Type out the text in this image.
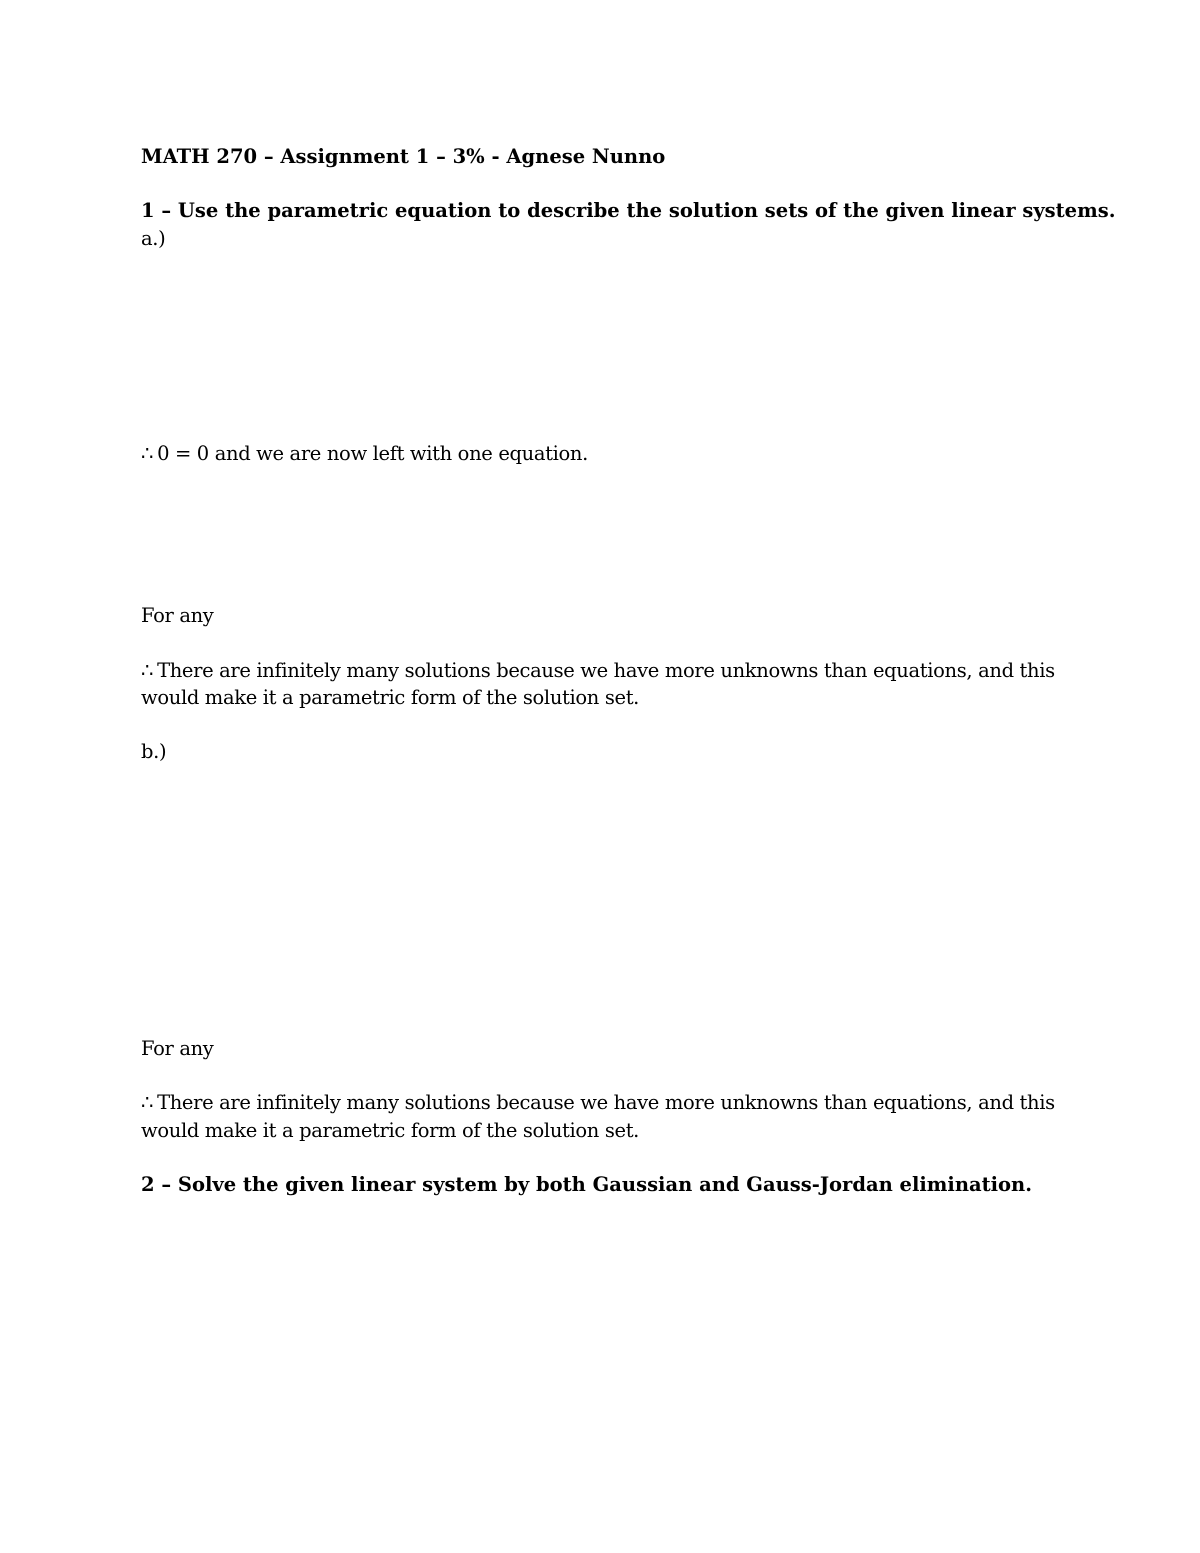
MATH 270 – Assignment 1 – 3% - Agnese Nunno
1 – Use the parametric equation to describe the solution sets of the given linear systems.
a.)
∴ 0 = 0 and we are now left with one equation.
For any
∴ There are infinitely many solutions because we have more unknowns than equations, and this
would make it a parametric form of the solution set.
b.)
For any
∴ There are infinitely many solutions because we have more unknowns than equations, and this
would make it a parametric form of the solution set.
2 – Solve the given linear system by both Gaussian and Gauss-Jordan elimination.
